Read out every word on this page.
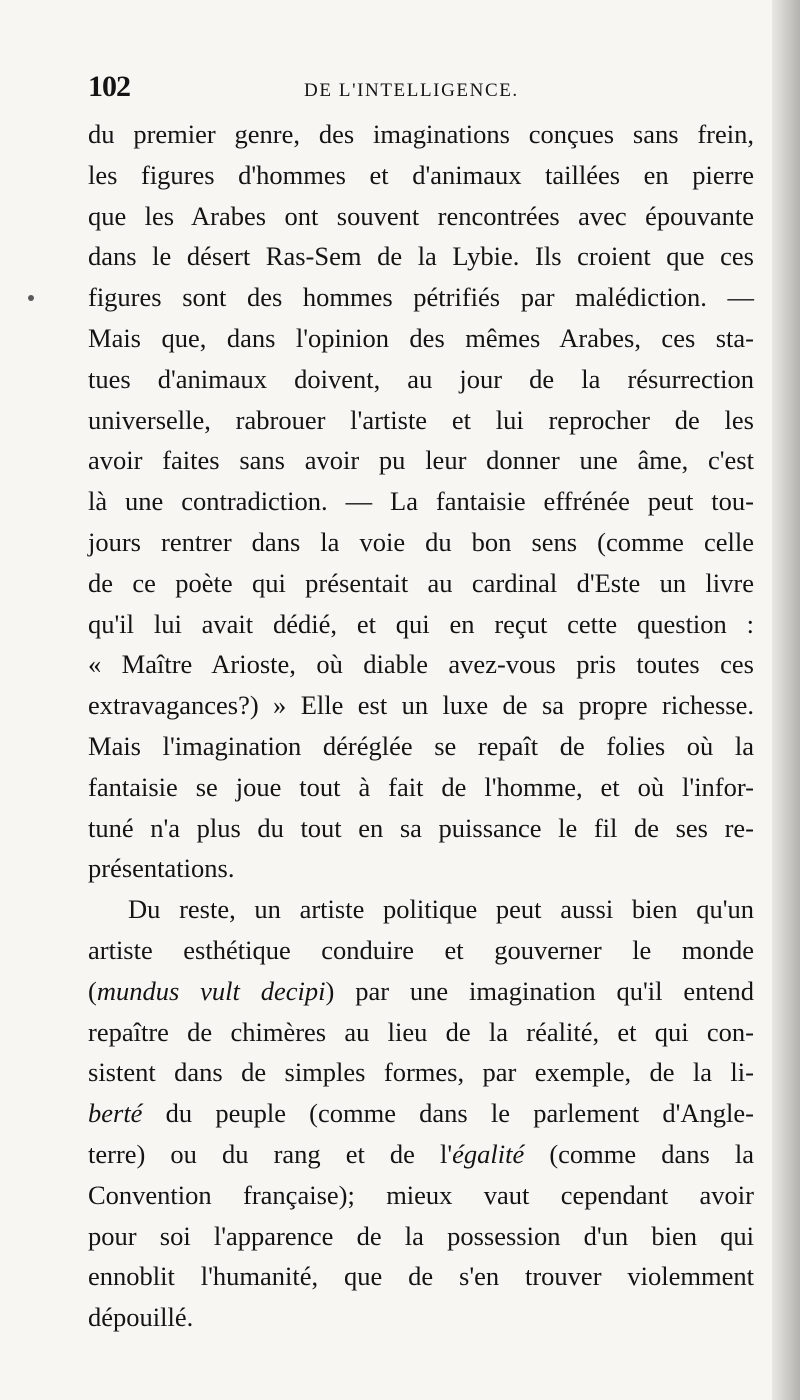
102	DE L'INTELLIGENCE.
du premier genre, des imaginations conçues sans frein,
les figures d'hommes et d'animaux taillées en pierre
que les Arabes ont souvent rencontrées avec épouvante
dans le désert Ras-Sem de la Lybie. Ils croient que ces
figures sont des hommes pétrifiés par malédiction. —
Mais que, dans l'opinion des mêmes Arabes, ces sta-
tues d'animaux doivent, au jour de la résurrection
universelle, rabrouer l'artiste et lui reprocher de les
avoir faites sans avoir pu leur donner une âme, c'est
là une contradiction. — La fantaisie effrénée peut tou-
jours rentrer dans la voie du bon sens (comme celle
de ce poète qui présentait au cardinal d'Este un livre
qu'il lui avait dédié, et qui en reçut cette question :
« Maître Arioste, où diable avez-vous pris toutes ces
extravagances?) » Elle est un luxe de sa propre richesse.
Mais l'imagination déréglée se repaît de folies où la
fantaisie se joue tout à fait de l'homme, et où l'infor-
tuné n'a plus du tout en sa puissance le fil de ses re-
présentations.
Du reste, un artiste politique peut aussi bien qu'un
artiste esthétique conduire et gouverner le monde
(mundus vult decipi) par une imagination qu'il entend
repaître de chimères au lieu de la réalité, et qui con-
sistent dans de simples formes, par exemple, de la li-
berté du peuple (comme dans le parlement d'Angle-
terre) ou du rang et de l'égalité (comme dans la
Convention française); mieux vaut cependant avoir
pour soi l'apparence de la possession d'un bien qui
ennoblit l'humanité, que de s'en trouver violemment
dépouillé.
